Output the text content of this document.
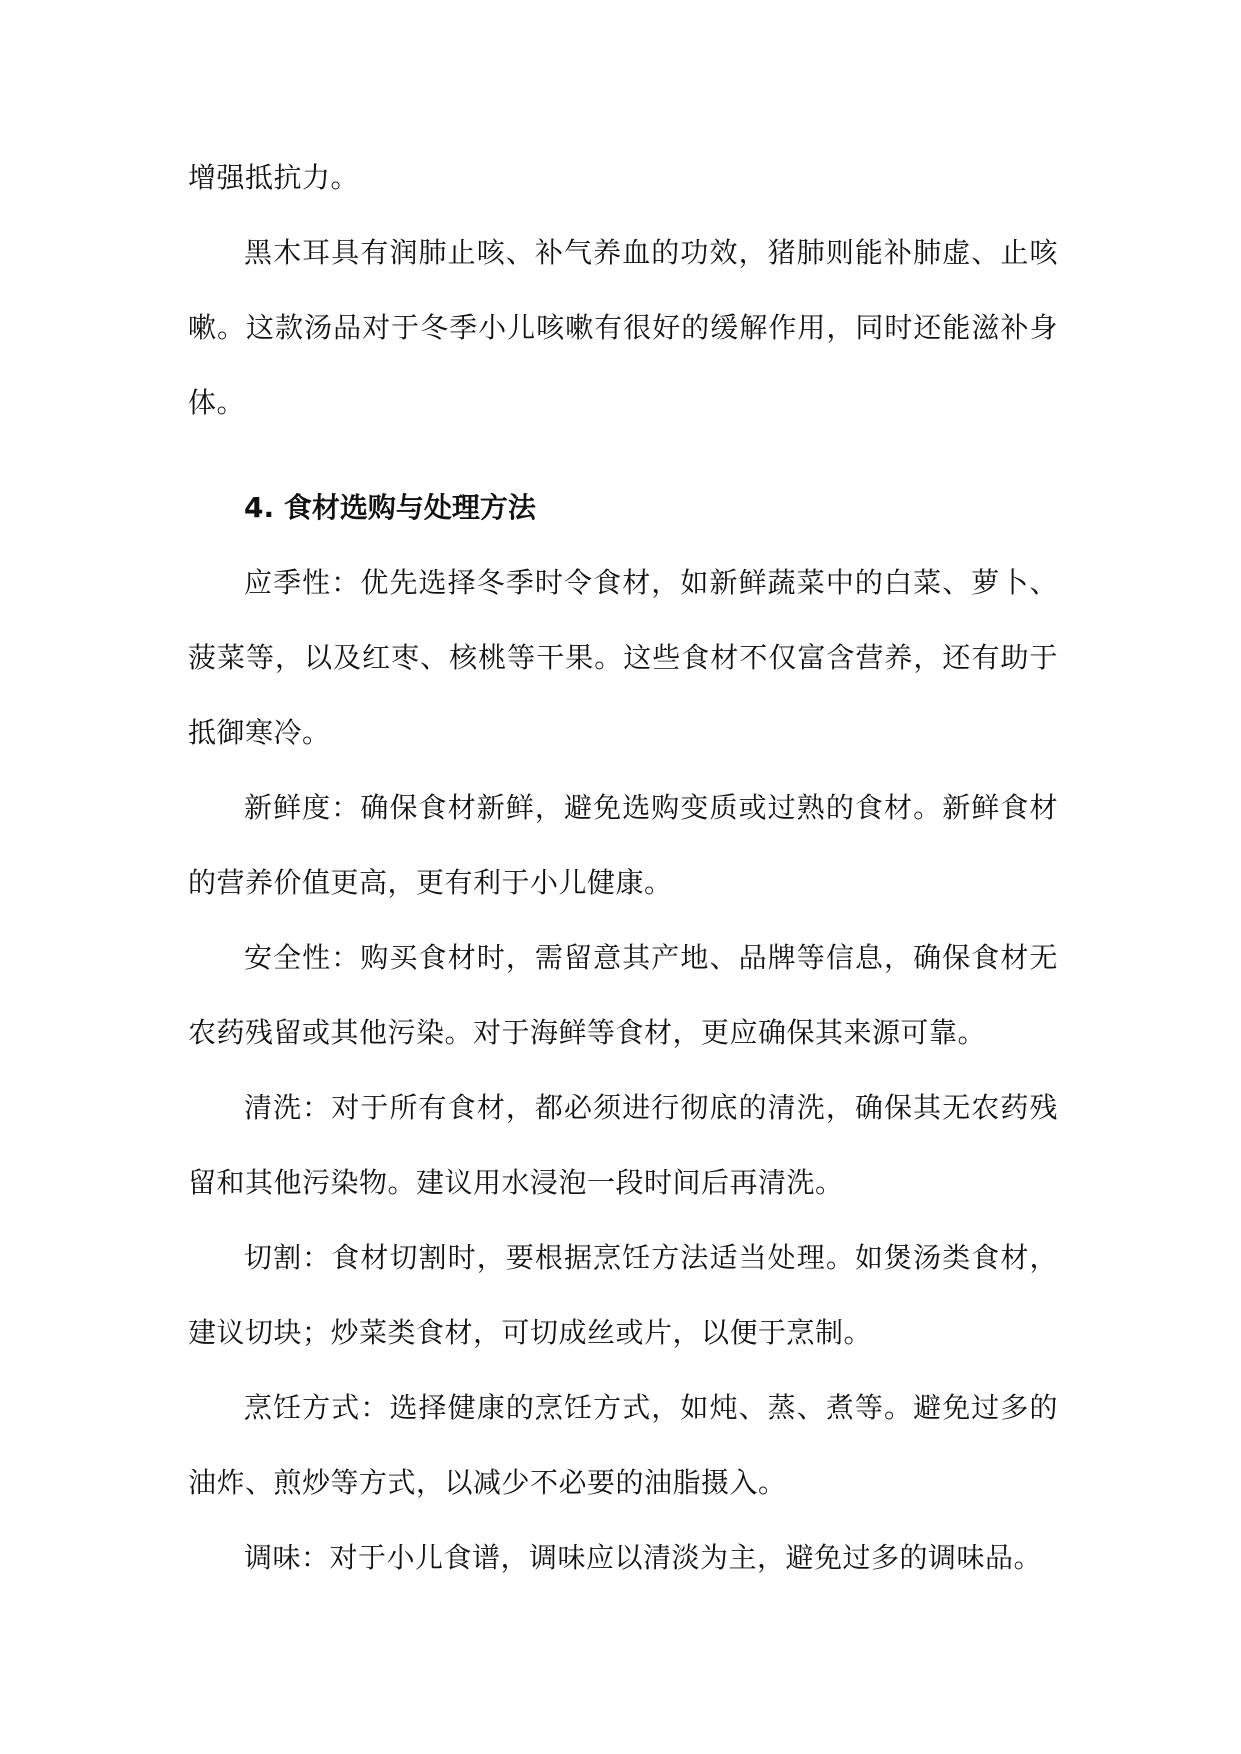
增强抵抗力。

黑木耳具有润肺止咳、补气养血的功效，猪肺则能补肺虚、止咳嗽。这款汤品对于冬季小儿咳嗽有很好的缓解作用，同时还能滋补身体。

4. 食材选购与处理方法

应季性：优先选择冬季时令食材，如新鲜蔬菜中的白菜、萝卜、菠菜等，以及红枣、核桃等干果。这些食材不仅富含营养，还有助于抵御寒冷。

新鲜度：确保食材新鲜，避免选购变质或过熟的食材。新鲜食材的营养价值更高，更有利于小儿健康。

安全性：购买食材时，需留意其产地、品牌等信息，确保食材无农药残留或其他污染。对于海鲜等食材，更应确保其来源可靠。

清洗：对于所有食材，都必须进行彻底的清洗，确保其无农药残留和其他污染物。建议用水浸泡一段时间后再清洗。

切割：食材切割时，要根据烹饪方法适当处理。如煲汤类食材，建议切块；炒菜类食材，可切成丝或片，以便于烹制。

烹饪方式：选择健康的烹饪方式，如炖、蒸、煮等。避免过多的油炸、煎炒等方式，以减少不必要的油脂摄入。

调味：对于小儿食谱，调味应以清淡为主，避免过多的调味品。
